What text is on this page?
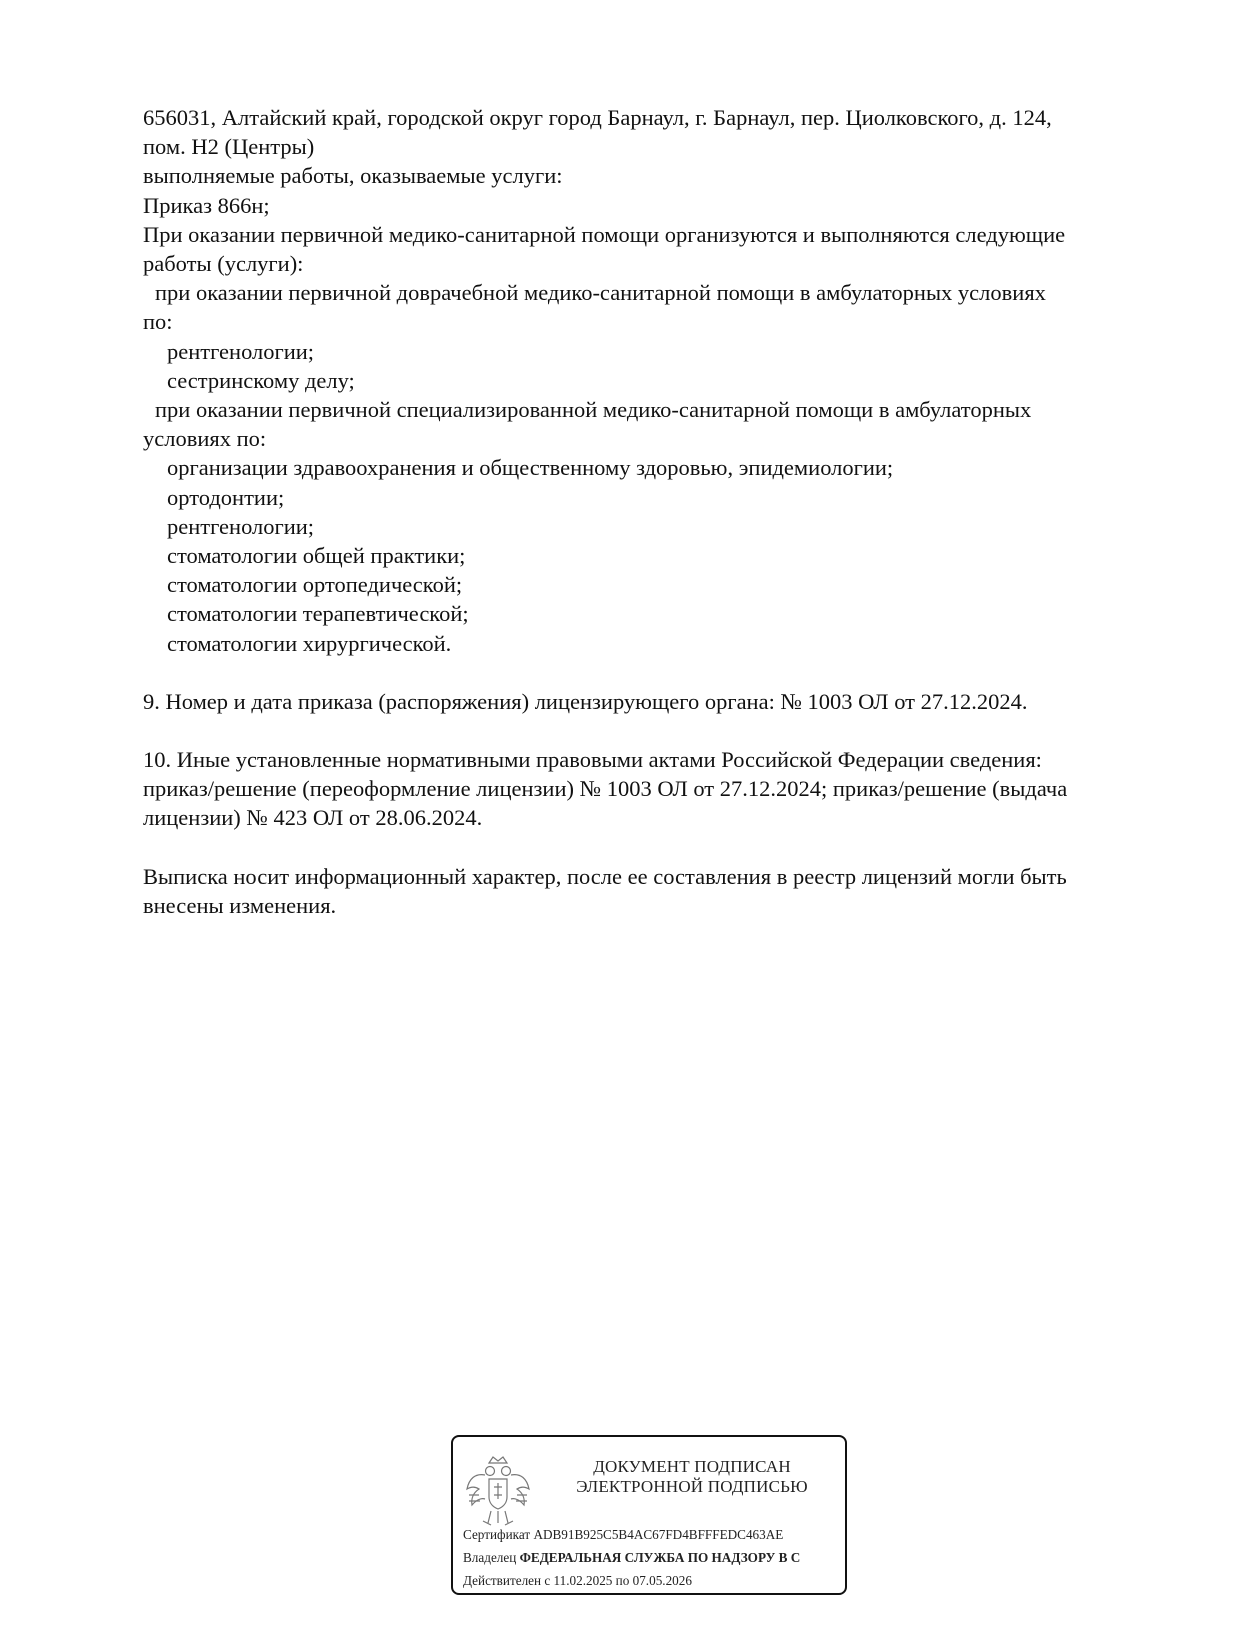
656031, Алтайский край, городской округ город Барнаул, г. Барнаул, пер. Циолковского, д. 124,

пом. Н2 (Центры)

выполняемые работы, оказываемые услуги:

Приказ 866н;

При оказании первичной медико-санитарной помощи организуются и выполняются следующие

работы (услуги):

при оказании первичной доврачебной медико-санитарной помощи в амбулаторных условиях

по:

рентгенологии;

сестринскому делу;

при оказании первичной специализированной медико-санитарной помощи в амбулаторных

условиях по:

организации здравоохранения и общественному здоровью, эпидемиологии;

ортодонтии;

рентгенологии;

стоматологии общей практики;

стоматологии ортопедической;

стоматологии терапевтической;

стоматологии хирургической.

9. Номер и дата приказа (распоряжения) лицензирующего органа: № 1003 ОЛ от 27.12.2024.

10. Иные установленные нормативными правовыми актами Российской Федерации сведения:

приказ/решение (переоформление лицензии) № 1003 ОЛ от 27.12.2024; приказ/решение (выдача

лицензии) № 423 ОЛ от 28.06.2024.

Выписка носит информационный характер, после ее составления в реестр лицензий могли быть

внесены изменения.

ДОКУМЕНТ ПОДПИСАН
ЭЛЕКТРОННОЙ ПОДПИСЬЮ
Сертификат ADB91B925C5B4AC67FD4BFFFEDC463AE
Владелец ФЕДЕРАЛЬНАЯ СЛУЖБА ПО НАДЗОРУ В С
Действителен с 11.02.2025 по 07.05.2026
